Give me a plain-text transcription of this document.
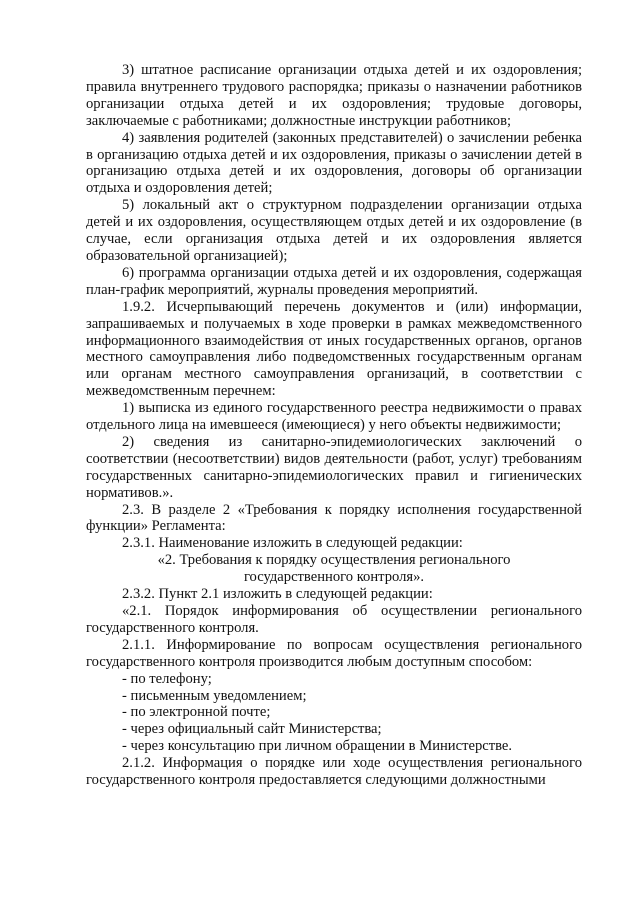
3) штатное расписание организации отдыха детей и их оздоровления; правила внутреннего трудового распорядка; приказы о назначении работников организации отдыха детей и их оздоровления; трудовые договоры, заключаемые с работниками; должностные инструкции работников;

4) заявления родителей (законных представителей) о зачислении ребенка в организацию отдыха детей и их оздоровления, приказы о зачислении детей в организацию отдыха детей и их оздоровления, договоры об организации отдыха и оздоровления детей;

5) локальный акт о структурном подразделении организации отдыха детей и их оздоровления, осуществляющем отдых детей и их оздоровление (в случае, если организация отдыха детей и их оздоровления является образовательной организацией);

6) программа организации отдыха детей и их оздоровления, содержащая план-график мероприятий, журналы проведения мероприятий.

1.9.2. Исчерпывающий перечень документов и (или) информации, запрашиваемых и получаемых в ходе проверки в рамках межведомственного информационного взаимодействия от иных государственных органов, органов местного самоуправления либо подведомственных государственным органам или органам местного самоуправления организаций, в соответствии с межведомственным перечнем:

1) выписка из единого государственного реестра недвижимости о правах отдельного лица на имевшееся (имеющиеся) у него объекты недвижимости;

2) сведения из санитарно-эпидемиологических заключений о соответствии (несоответствии) видов деятельности (работ, услуг) требованиям государственных санитарно-эпидемиологических правил и гигиенических нормативов.».

2.3. В разделе 2 «Требования к порядку исполнения государственной функции» Регламента:

2.3.1. Наименование изложить в следующей редакции:

«2. Требования к порядку осуществления регионального

государственного контроля».

2.3.2. Пункт 2.1 изложить в следующей редакции:

«2.1. Порядок информирования об осуществлении регионального государственного контроля.

2.1.1. Информирование по вопросам осуществления регионального государственного контроля производится любым доступным способом:

- по телефону;

- письменным уведомлением;

- по электронной почте;

- через официальный сайт Министерства;

- через консультацию при личном обращении в Министерстве.

2.1.2. Информация о порядке или ходе осуществления регионального государственного контроля предоставляется следующими должностными
